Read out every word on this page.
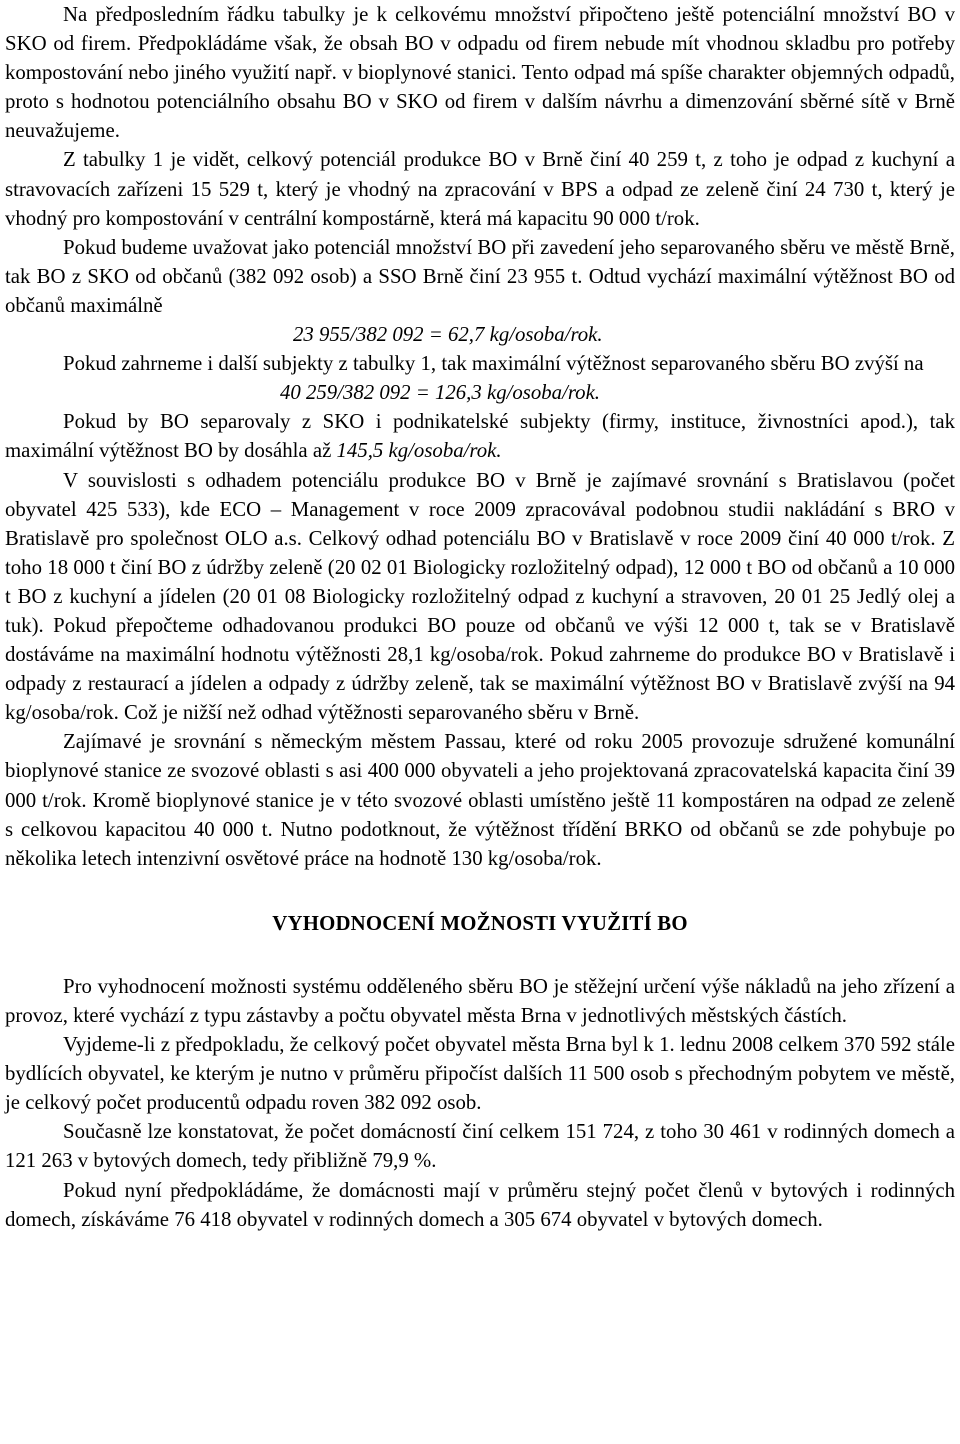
Na předposledním řádku tabulky je k celkovému množství připočteno ještě potenciální množství BO v SKO od firem. Předpokládáme však, že obsah BO v odpadu od firem nebude mít vhodnou skladbu pro potřeby kompostování nebo jiného využití např. v bioplynové stanici. Tento odpad má spíše charakter objemných odpadů, proto s hodnotou potenciálního obsahu BO v SKO od firem v dalším návrhu a dimenzování sběrné sítě v Brně neuvažujeme.

Z tabulky 1 je vidět, celkový potenciál produkce BO v Brně činí 40 259 t, z toho je odpad z kuchyní a stravovacích zařízeni 15 529 t, který je vhodný na zpracování v BPS a odpad ze zeleně činí 24 730 t, který je vhodný pro kompostování v centrální kompostárně, která má kapacitu 90 000 t/rok.

Pokud budeme uvažovat jako potenciál množství BO při zavedení jeho separovaného sběru ve městě Brně, tak BO z SKO od občanů (382 092 osob) a SSO Brně činí 23 955 t. Odtud vychází maximální výtěžnost BO od občanů maximálně

23 955/382 092 = 62,7 kg/osoba/rok.

Pokud zahrneme i další subjekty z tabulky 1, tak maximální výtěžnost separovaného sběru BO zvýší na

40 259/382 092 = 126,3 kg/osoba/rok.

Pokud by BO separovaly z SKO i podnikatelské subjekty (firmy, instituce, živnostníci apod.), tak maximální výtěžnost BO by dosáhla až 145,5 kg/osoba/rok.

V souvislosti s odhadem potenciálu produkce BO v Brně je zajímavé srovnání s Bratislavou (počet obyvatel 425 533), kde ECO – Management v roce 2009 zpracovával podobnou studii nakládání s BRO v Bratislavě pro společnost OLO a.s. Celkový odhad potenciálu BO v Bratislavě v roce 2009 činí 40 000 t/rok. Z toho 18 000 t činí BO z údržby zeleně (20 02 01 Biologicky rozložitelný odpad), 12 000 t BO od občanů a 10 000 t BO z kuchyní a jídelen (20 01 08 Biologicky rozložitelný odpad z kuchyní a stravoven, 20 01 25 Jedlý olej a tuk). Pokud přepočteme odhadovanou produkci BO pouze od občanů ve výši 12 000 t, tak se v Bratislavě dostáváme na maximální hodnotu výtěžnosti 28,1 kg/osoba/rok. Pokud zahrneme do produkce BO v Bratislavě i odpady z restaurací a jídelen a odpady z údržby zeleně, tak se maximální výtěžnost BO v Bratislavě zvýší na 94 kg/osoba/rok. Což je nižší než odhad výtěžnosti separovaného sběru v Brně.

Zajímavé je srovnání s německým městem Passau, které od roku 2005 provozuje sdružené komunální bioplynové stanice ze svozové oblasti s asi 400 000 obyvateli a jeho projektovaná zpracovatelská kapacita činí 39 000 t/rok. Kromě bioplynové stanice je v této svozové oblasti umístěno ještě 11 kompostáren na odpad ze zeleně s celkovou kapacitou 40 000 t. Nutno podotknout, že výtěžnost třídění BRKO od občanů se zde pohybuje po několika letech intenzivní osvětové práce na hodnotě 130 kg/osoba/rok.

VYHODNOCENÍ MOŽNOSTI VYUŽITÍ BO

Pro vyhodnocení možnosti systému odděleného sběru BO je stěžejní určení výše nákladů na jeho zřízení a provoz, které vychází z typu zástavby a počtu obyvatel města Brna v jednotlivých městských částích.

Vyjdeme-li z předpokladu, že celkový počet obyvatel města Brna byl k 1. lednu 2008 celkem 370 592 stále bydlících obyvatel, ke kterým je nutno v průměru připočíst dalších 11 500 osob s přechodným pobytem ve městě, je celkový počet producentů odpadu roven 382 092 osob.

Současně lze konstatovat, že počet domácností činí celkem 151 724, z toho 30 461 v rodinných domech a 121 263 v bytových domech, tedy přibližně 79,9 %.

Pokud nyní předpokládáme, že domácnosti mají v průměru stejný počet členů v bytových i rodinných domech, získáváme 76 418 obyvatel v rodinných domech a 305 674 obyvatel v bytových domech.
